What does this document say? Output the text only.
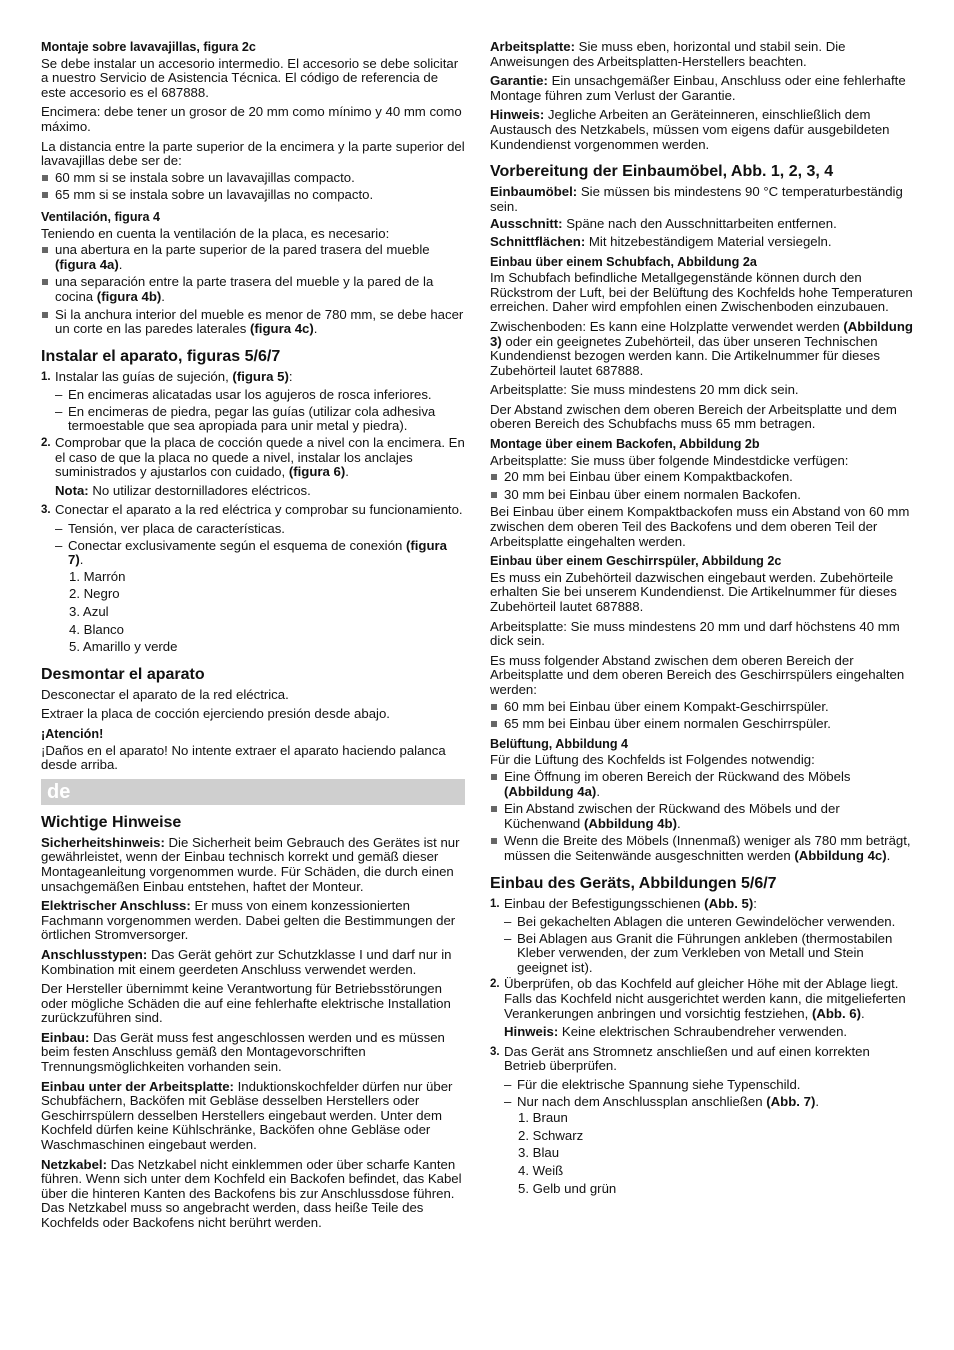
Montaje sobre lavavajillas, figura 2c

Se debe instalar un accesorio intermedio. El accesorio se debe solicitar a nuestro Servicio de Asistencia Técnica. El código de referencia de este accesorio es el 687888.

Encimera: debe tener un grosor de 20 mm como mínimo y 40 mm como máximo.

La distancia entre la parte superior de la encimera y la parte superior del lavavajillas debe ser de:

60 mm si se instala sobre un lavavajillas compacto.
65 mm si se instala sobre un lavavajillas no compacto.
Ventilación, figura 4

Teniendo en cuenta la ventilación de la placa, es necesario:

una abertura en la parte superior de la pared trasera del mueble (figura 4a).
una separación entre la parte trasera del mueble y la pared de la cocina (figura 4b).
Si la anchura interior del mueble es menor de 780 mm, se debe hacer un corte en las paredes laterales (figura 4c).
Instalar el aparato, figuras 5/6/7
1. Instalar las guías de sujeción, (figura 5):
– En encimeras alicatadas usar los agujeros de rosca inferiores.
– En encimeras de piedra, pegar las guías (utilizar cola adhesiva termoestable que sea apropiada para unir metal y piedra).
2. Comprobar que la placa de cocción quede a nivel con la encimera. En el caso de que la placa no quede a nivel, instalar los anclajes suministrados y ajustarlos con cuidado, (figura 6).
Nota: No utilizar destornilladores eléctricos.
3. Conectar el aparato a la red eléctrica y comprobar su funcionamiento.
– Tensión, ver placa de características.
– Conectar exclusivamente según el esquema de conexión (figura 7).
1. Marrón
2. Negro
3. Azul
4. Blanco
5. Amarillo y verde
Desmontar el aparato

Desconectar el aparato de la red eléctrica.

Extraer la placa de cocción ejerciendo presión desde abajo.

¡Atención!

¡Daños en el aparato! No intente extraer el aparato haciendo palanca desde arriba.

de
Wichtige Hinweise

Sicherheitshinweis: Die Sicherheit beim Gebrauch des Gerätes ist nur gewährleistet, wenn der Einbau technisch korrekt und gemäß dieser Montageanleitung vorgenommen wurde. Für Schäden, die durch einen unsachgemäßen Einbau entstehen, haftet der Monteur.

Elektrischer Anschluss: Er muss von einem konzessionierten Fachmann vorgenommen werden. Dabei gelten die Bestimmungen der örtlichen Stromversorger.

Anschlusstypen: Das Gerät gehört zur Schutzklasse I und darf nur in Kombination mit einem geerdeten Anschluss verwendet werden.

Der Hersteller übernimmt keine Verantwortung für Betriebsstörungen oder mögliche Schäden die auf eine fehlerhafte elektrische Installation zurückzuführen sind.

Einbau: Das Gerät muss fest angeschlossen werden und es müssen beim festen Anschluss gemäß den Montagevorschriften Trennungsmöglichkeiten vorhanden sein.

Einbau unter der Arbeitsplatte: Induktionskochfelder dürfen nur über Schubfächern, Backöfen mit Gebläse desselben Herstellers oder Geschirrspülern desselben Herstellers eingebaut werden. Unter dem Kochfeld dürfen keine Kühlschränke, Backöfen ohne Gebläse oder Waschmaschinen eingebaut werden.

Netzkabel: Das Netzkabel nicht einklemmen oder über scharfe Kanten führen. Wenn sich unter dem Kochfeld ein Backofen befindet, das Kabel über die hinteren Kanten des Backofens bis zur Anschlussdose führen. Das Netzkabel muss so angebracht werden, dass heiße Teile des Kochfelds oder Backofens nicht berührt werden.

Arbeitsplatte: Sie muss eben, horizontal und stabil sein. Die Anweisungen des Arbeitsplatten-Herstellers beachten.

Garantie: Ein unsachgemäßer Einbau, Anschluss oder eine fehlerhafte Montage führen zum Verlust der Garantie.

Hinweis: Jegliche Arbeiten an Geräteinneren, einschließlich dem Austausch des Netzkabels, müssen vom eigens dafür ausgebildeten Kundendienst vorgenommen werden.

Vorbereitung der Einbaumöbel, Abb. 1, 2, 3, 4

Einbaumöbel: Sie müssen bis mindestens 90 °C temperaturbeständig sein.

Ausschnitt: Späne nach den Ausschnittarbeiten entfernen.

Schnittflächen: Mit hitzebeständigem Material versiegeln.

Einbau über einem Schubfach, Abbildung 2a

Im Schubfach befindliche Metallgegenstände können durch den Rückstrom der Luft, bei der Belüftung des Kochfelds hohe Temperaturen erreichen. Daher wird empfohlen einen Zwischenboden einzubauen.

Zwischenboden: Es kann eine Holzplatte verwendet werden (Abbildung 3) oder ein geeignetes Zubehörteil, das über unseren Technischen Kundendienst bezogen werden kann. Die Artikelnummer für dieses Zubehörteil lautet 687888.

Arbeitsplatte: Sie muss mindestens 20 mm dick sein.

Der Abstand zwischen dem oberen Bereich der Arbeitsplatte und dem oberen Bereich des Schubfachs muss 65 mm betragen.

Montage über einem Backofen, Abbildung 2b

Arbeitsplatte: Sie muss über folgende Mindestdicke verfügen:

20 mm bei Einbau über einem Kompaktbackofen.
30 mm bei Einbau über einem normalen Backofen.

Bei Einbau über einem Kompaktbackofen muss ein Abstand von 60 mm zwischen dem oberen Teil des Backofens und dem oberen Teil der Arbeitsplatte eingehalten werden.

Einbau über einem Geschirrspüler, Abbildung 2c

Es muss ein Zubehörteil dazwischen eingebaut werden. Zubehörteile erhalten Sie bei unserem Kundendienst. Die Artikelnummer für dieses Zubehörteil lautet 687888.

Arbeitsplatte: Sie muss mindestens 20 mm und darf höchstens 40 mm dick sein.

Es muss folgender Abstand zwischen dem oberen Bereich der Arbeitsplatte und dem oberen Bereich des Geschirrspülers eingehalten werden:

60 mm bei Einbau über einem Kompakt-Geschirrspüler.
65 mm bei Einbau über einem normalen Geschirrspüler.
Belüftung, Abbildung 4

Für die Lüftung des Kochfelds ist Folgendes notwendig:

Eine Öffnung im oberen Bereich der Rückwand des Möbels (Abbildung 4a).
Ein Abstand zwischen der Rückwand des Möbels und der Küchenwand (Abbildung 4b).
Wenn die Breite des Möbels (Innenmaß) weniger als 780 mm beträgt, müssen die Seitenwände ausgeschnitten werden (Abbildung 4c).
Einbau des Geräts, Abbildungen 5/6/7
1. Einbau der Befestigungsschienen (Abb. 5):
– Bei gekachelten Ablagen die unteren Gewindelöcher verwenden.
– Bei Ablagen aus Granit die Führungen ankleben (thermostabilen Kleber verwenden, der zum Verkleben von Metall und Stein geeignet ist).
2. Überprüfen, ob das Kochfeld auf gleicher Höhe mit der Ablage liegt. Falls das Kochfeld nicht ausgerichtet werden kann, die mitgelieferten Verankerungen anbringen und vorsichtig festziehen, (Abb. 6).
Hinweis: Keine elektrischen Schraubendreher verwenden.
3. Das Gerät ans Stromnetz anschließen und auf einen korrekten Betrieb überprüfen.
– Für die elektrische Spannung siehe Typenschild.
– Nur nach dem Anschlussplan anschließen (Abb. 7).
1. Braun
2. Schwarz
3. Blau
4. Weiß
5. Gelb und grün
